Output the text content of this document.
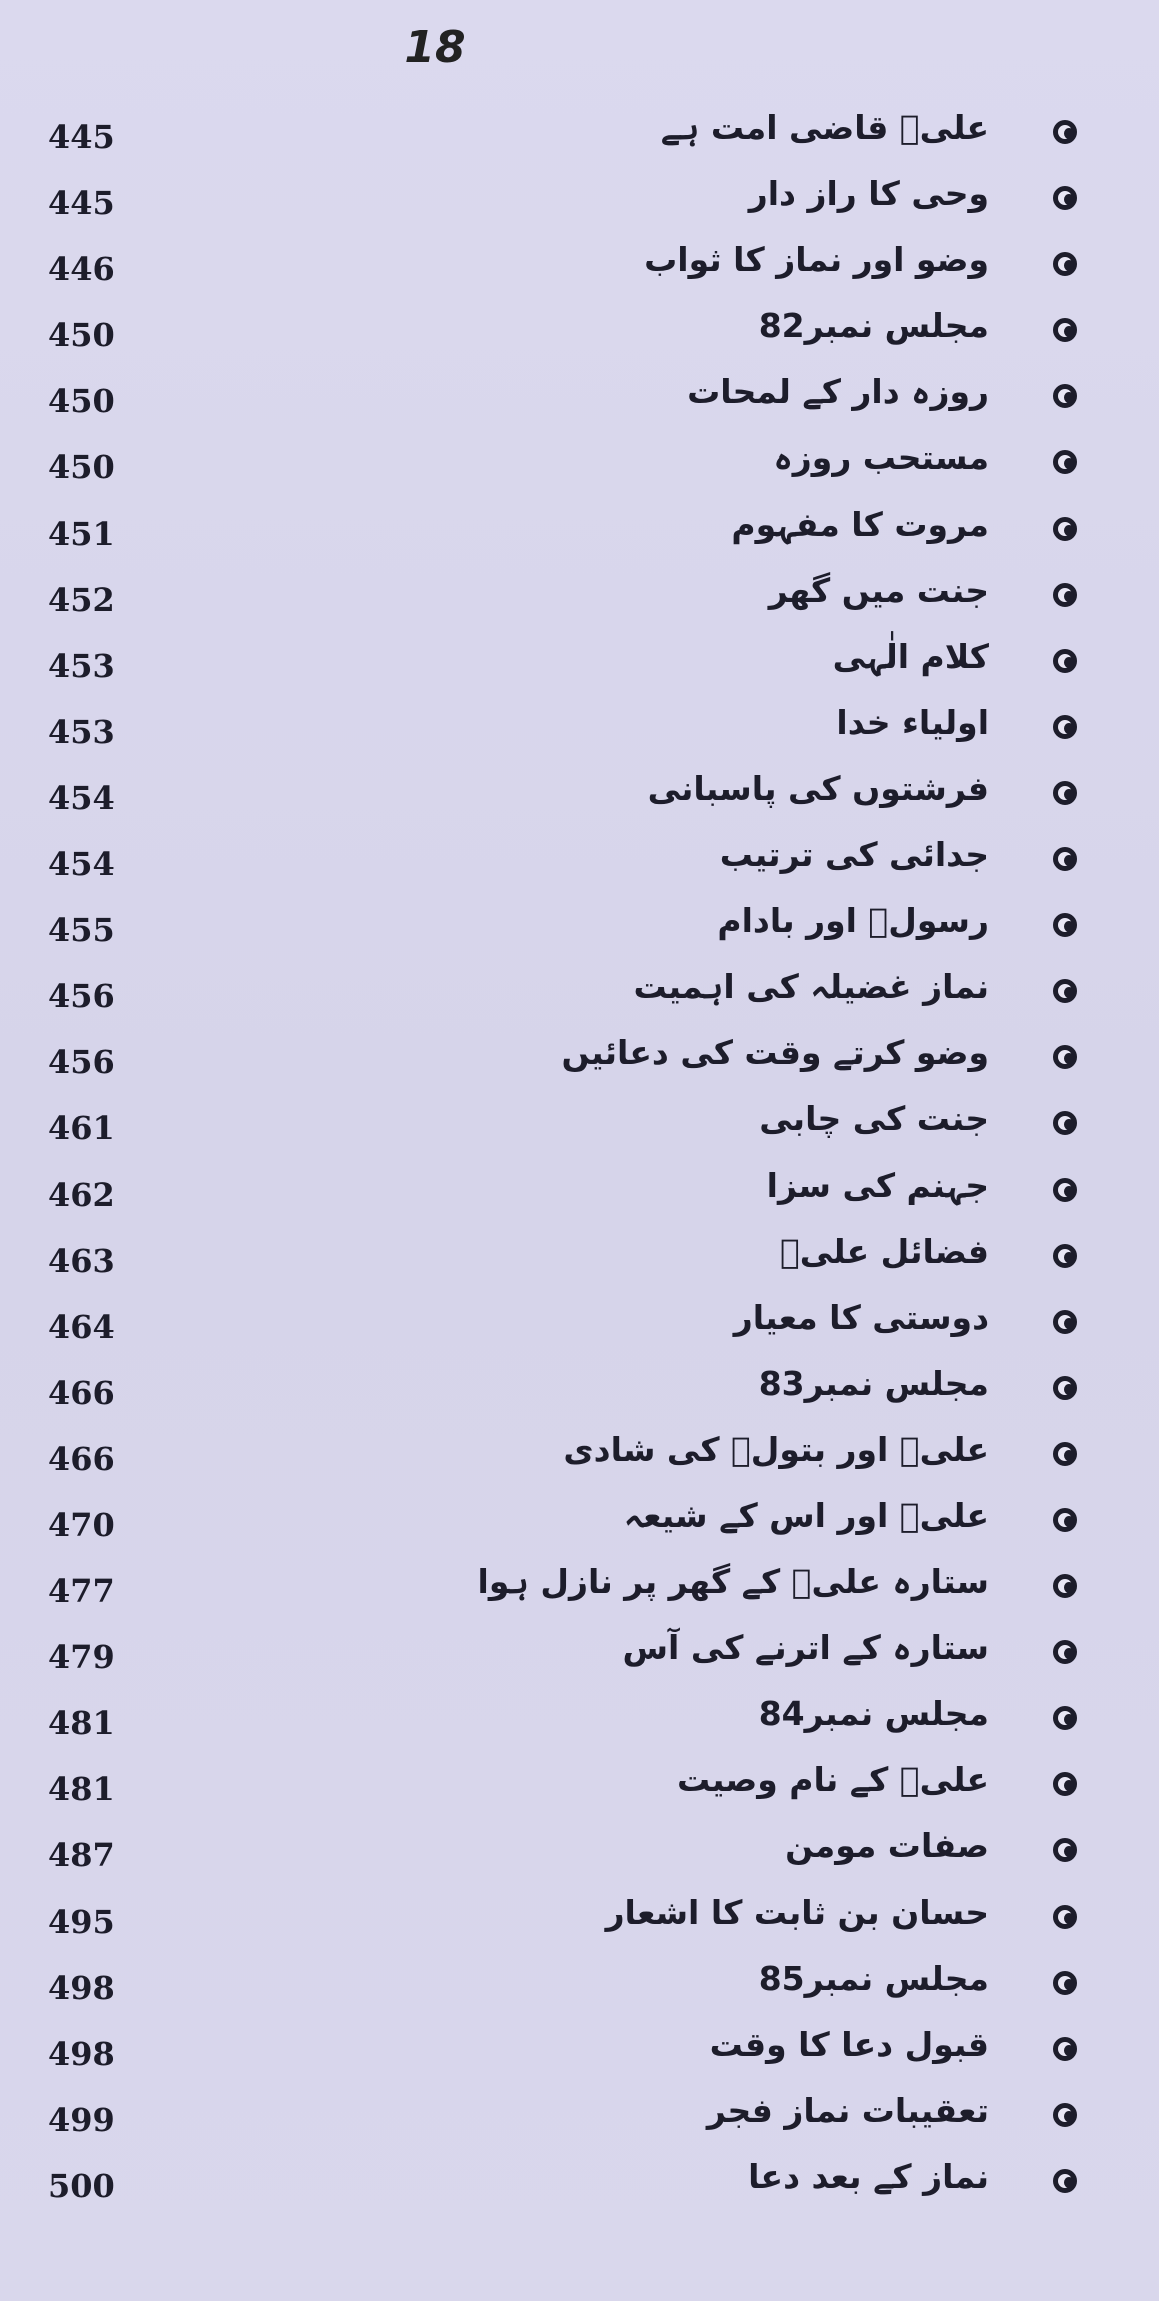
18
445	علیؑ قاضی امت ہے
445	وحی کا راز دار
446	وضو اور نماز کا ثواب
450	مجلس نمبر82
450	روزہ دار کے لمحات
450	مستحب روزہ
451	مروت کا مفہوم
452	جنت میں گھر
453	کلام الٰہی
453	اولیاء خدا
454	فرشتوں کی پاسبانی
454	جدائی کی ترتیب
455	رسولؐ اور بادام
456	نماز غضیلہ کی اہمیت
456	وضو کرتے وقت کی دعائیں
461	جنت کی چابی
462	جہنم کی سزا
463	فضائل علیؑ
464	دوستی کا معیار
466	مجلس نمبر83
466	علیؑ اور بتولؑ کی شادی
470	علیؑ اور اس کے شیعہ
477	ستارہ علیؑ کے گھر پر نازل ہوا
479	ستارہ کے اترنے کی آس
481	مجلس نمبر84
481	علیؑ کے نام وصیت
487	صفات مومن
495	حسان بن ثابت کا اشعار
498	مجلس نمبر85
498	قبول دعا کا وقت
499	تعقیبات نماز فجر
500	نماز کے بعد دعا
